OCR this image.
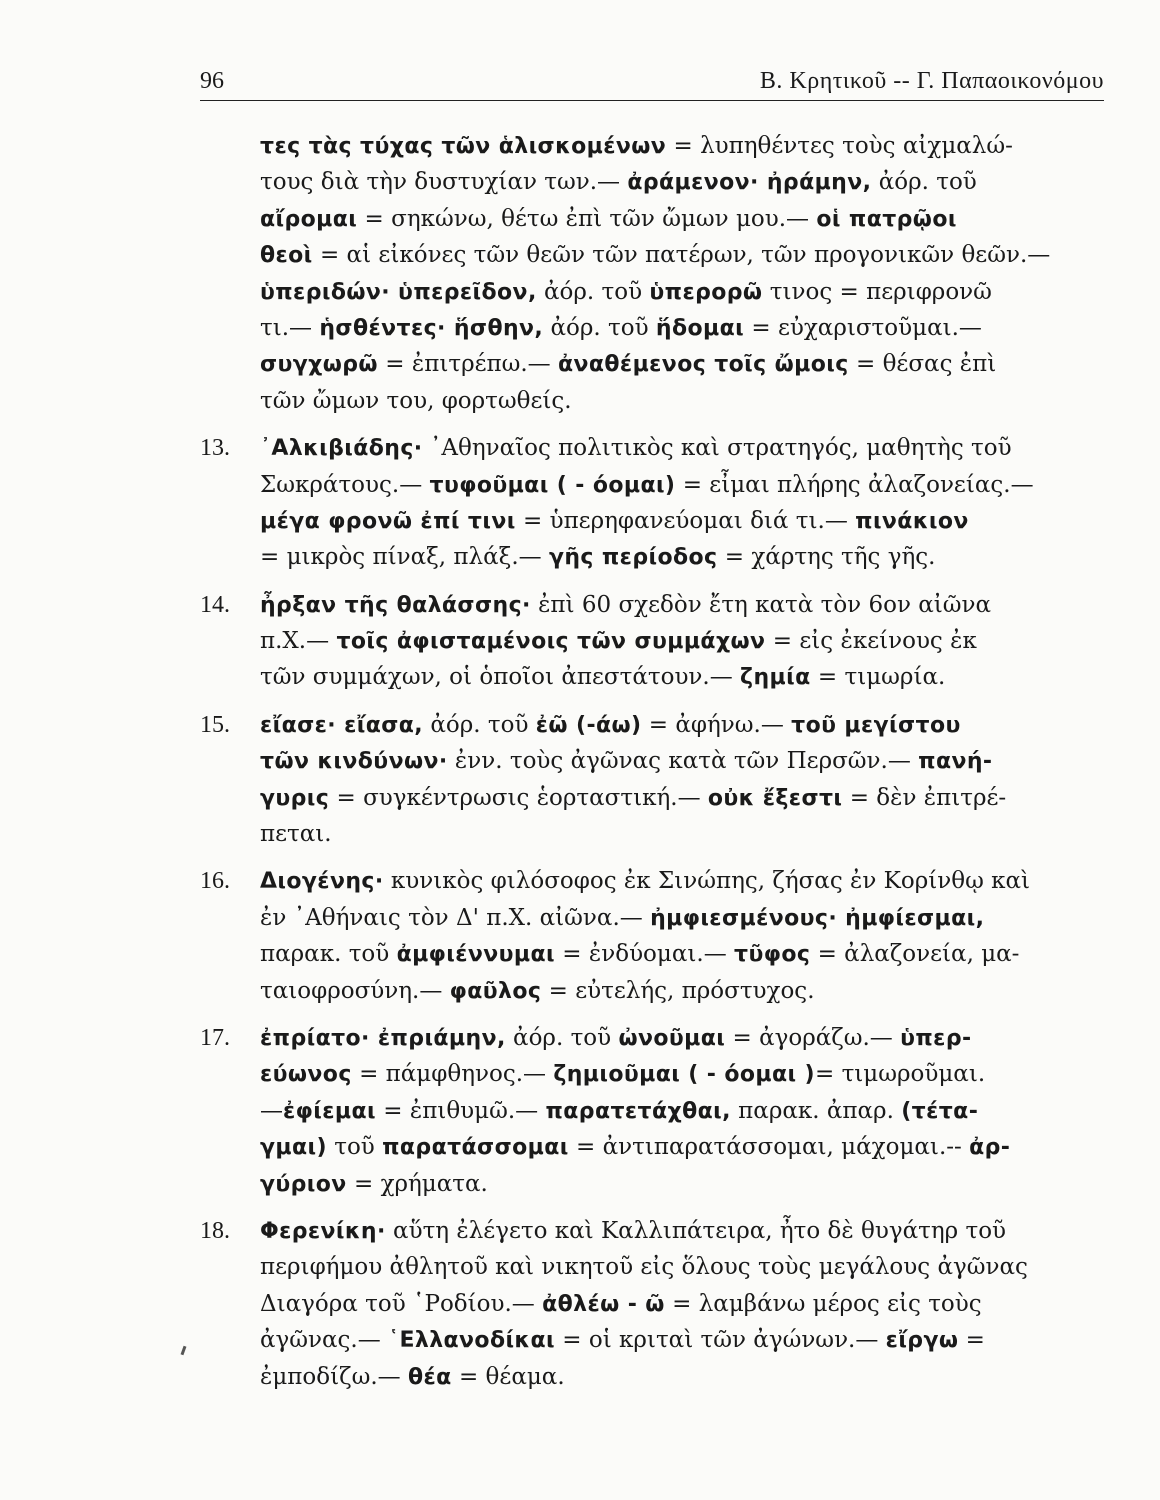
96	Β. Κρητικοῦ -- Γ. Παπαοικονόμου
τες τὰς τύχας τῶν ἁλισκομένων = λυπηθέντες τοὺς αἰχμαλώ-
τους διὰ τὴν δυστυχίαν των.— ἀράμενον· ἠράμην, ἀόρ. τοῦ
αἴρομαι = σηκώνω, θέτω ἐπὶ τῶν ὤμων μου.— οἱ πατρῷοι
θεοὶ = αἱ εἰκόνες τῶν θεῶν τῶν πατέρων, τῶν προγονικῶν θεῶν.—
ὑπεριδών· ὑπερεῖδον, ἀόρ. τοῦ ὑπερορῶ τινος = περιφρονῶ
τι.— ἡσθέντες· ἥσθην, ἀόρ. τοῦ ἥδομαι = εὐχαριστοῦμαι.—
συγχωρῶ = ἐπιτρέπω.— ἀναθέμενος τοῖς ὤμοις = θέσας ἐπὶ
τῶν ὤμων του, φορτωθείς.
13.	᾿Αλκιβιάδης· ᾿Αθηναῖος πολιτικὸς καὶ στρατηγός, μαθητὴς τοῦ
Σωκράτους.— τυφοῦμαι ( - όομαι) = εἶμαι πλήρης ἀλαζονείας.—
μέγα φρονῶ ἐπί τινι = ὑπερηφανεύομαι διά τι.— πινάκιον
= μικρὸς πίναξ, πλάξ.— γῆς περίοδος = χάρτης τῆς γῆς.
14.	ἦρξαν τῆς θαλάσσης· ἐπὶ 60 σχεδὸν ἔτη κατὰ τὸν 6ον αἰῶνα
π.Χ.— τοῖς ἀφισταμένοις τῶν συμμάχων = εἰς ἐκείνους ἐκ
τῶν συμμάχων, οἱ ὁποῖοι ἀπεστάτουν.— ζημία = τιμωρία.
15.	εἴασε· εἴασα, ἀόρ. τοῦ ἐῶ (-άω) = ἀφήνω.— τοῦ μεγίστου
τῶν κινδύνων· ἐνν. τοὺς ἀγῶνας κατὰ τῶν Περσῶν.— πανή-
γυρις = συγκέντρωσις ἑορταστική.— οὐκ ἔξεστι = δὲν ἐπιτρέ-
πεται.
16.	Διογένης· κυνικὸς φιλόσοφος ἐκ Σινώπης, ζήσας ἐν Κορίνθῳ καὶ
ἐν ᾿Αθήναις τὸν Δ' π.Χ. αἰῶνα.— ἠμφιεσμένους· ἠμφίεσμαι,
παρακ. τοῦ ἀμφιέννυμαι = ἐνδύομαι.— τῦφος = ἀλαζονεία, μα-
ταιοφροσύνη.— φαῦλος = εὐτελής, πρόστυχος.
17.	ἐπρίατο· ἐπριάμην, ἀόρ. τοῦ ὠνοῦμαι = ἀγοράζω.— ὑπερ-
εύωνος = πάμφθηνος.— ζημιοῦμαι ( - όομαι )= τιμωροῦμαι.
—ἐφίεμαι = ἐπιθυμῶ.— παρατετάχθαι, παρακ. ἀπαρ. (τέτα-
γμαι) τοῦ παρατάσσομαι = ἀντιπαρατάσσομαι, μάχομαι.-- ἀρ-
γύριον = χρήματα.
18.	Φερενίκη· αὕτη ἐλέγετο καὶ Καλλιπάτειρα, ἦτο δὲ θυγάτηρ τοῦ
περιφήμου ἀθλητοῦ καὶ νικητοῦ εἰς ὅλους τοὺς μεγάλους ἀγῶνας
Διαγόρα τοῦ ῾Ροδίου.— ἀθλέω - ῶ = λαμβάνω μέρος εἰς τοὺς
ἀγῶνας.— ῾Ελλανοδίκαι = οἱ κριταὶ τῶν ἀγώνων.— εἴργω =
ἐμποδίζω.— θέα = θέαμα.
